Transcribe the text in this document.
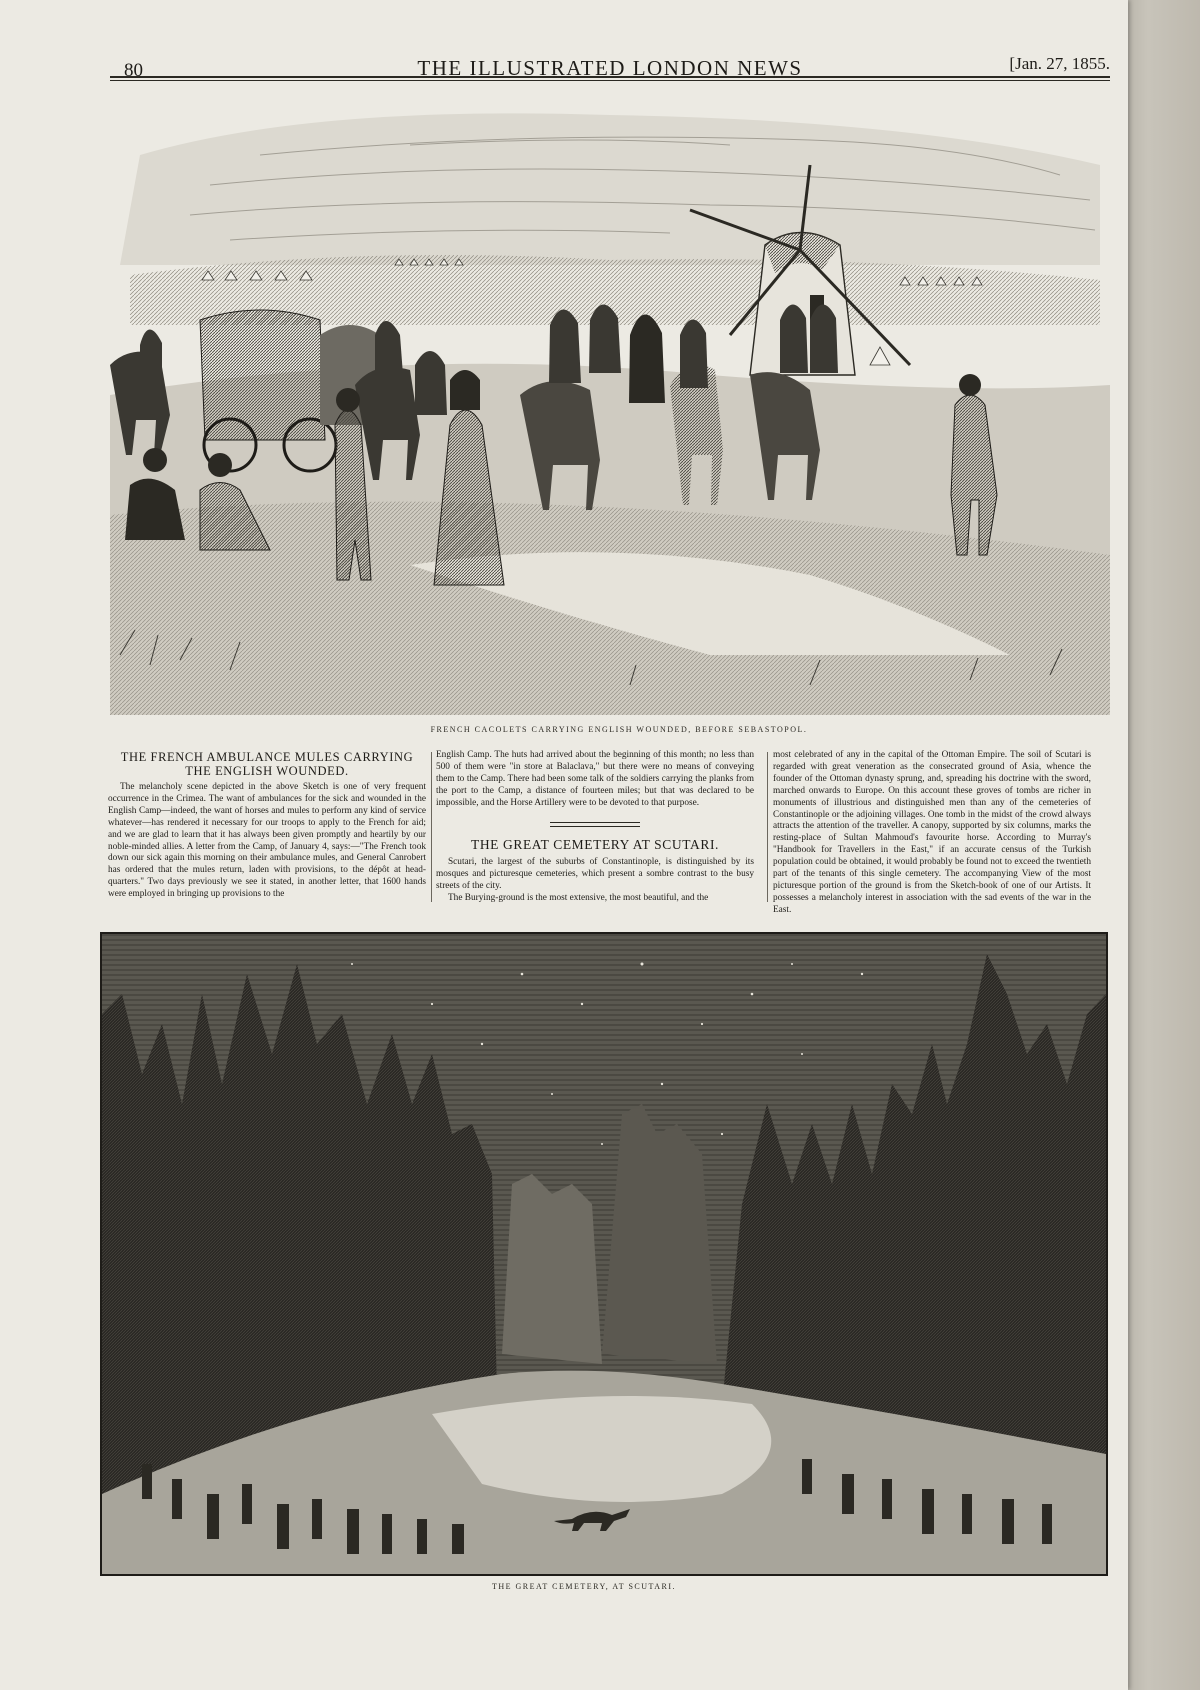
80	THE ILLUSTRATED LONDON NEWS	[Jan. 27, 1855.
FRENCH CACOLETS CARRYING ENGLISH WOUNDED, BEFORE SEBASTOPOL.
THE FRENCH AMBULANCE MULES CARRYING THE ENGLISH WOUNDED.

The melancholy scene depicted in the above Sketch is one of very frequent occurrence in the Crimea. The want of ambulances for the sick and wounded in the English Camp—indeed, the want of horses and mules to perform any kind of service whatever—has rendered it necessary for our troops to apply to the French for aid; and we are glad to learn that it has always been given promptly and heartily by our noble-minded allies. A letter from the Camp, of January 4, says:—"The French took down our sick again this morning on their ambulance mules, and General Canrobert has ordered that the mules return, laden with provisions, to the dépôt at head-quarters." Two days previously we see it stated, in another letter, that 1600 hands were employed in bringing up provisions to the

English Camp. The huts had arrived about the beginning of this month; no less than 500 of them were "in store at Balaclava," but there were no means of conveying them to the Camp. There had been some talk of the soldiers carrying the planks from the port to the Camp, a distance of fourteen miles; but that was declared to be impossible, and the Horse Artillery were to be devoted to that purpose.

THE GREAT CEMETERY AT SCUTARI.

Scutari, the largest of the suburbs of Constantinople, is distinguished by its mosques and picturesque cemeteries, which present a sombre contrast to the busy streets of the city.

The Burying-ground is the most extensive, the most beautiful, and the

most celebrated of any in the capital of the Ottoman Empire. The soil of Scutari is regarded with great veneration as the consecrated ground of Asia, whence the founder of the Ottoman dynasty sprung, and, spreading his doctrine with the sword, marched onwards to Europe. On this account these groves of tombs are richer in monuments of illustrious and distinguished men than any of the cemeteries of Constantinople or the adjoining villages. One tomb in the midst of the crowd always attracts the attention of the traveller. A canopy, supported by six columns, marks the resting-place of Sultan Mahmoud's favourite horse. According to Murray's "Handbook for Travellers in the East," if an accurate census of the Turkish population could be obtained, it would probably be found not to exceed the twentieth part of the tenants of this single cemetery. The accompanying View of the most picturesque portion of the ground is from the Sketch-book of one of our Artists. It possesses a melancholy interest in association with the sad events of the war in the East.

THE GREAT CEMETERY, AT SCUTARI.
